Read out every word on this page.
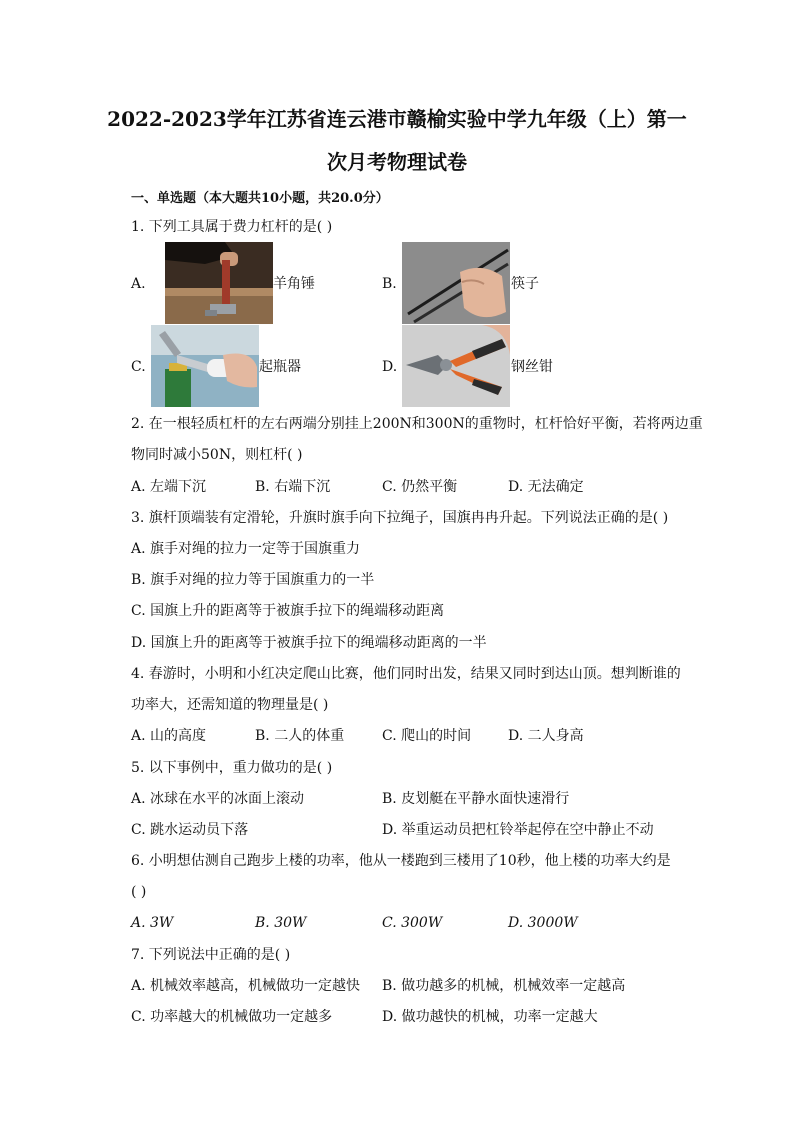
2022-2023学年江苏省连云港市赣榆实验中学九年级（上）第一
次月考物理试卷
一、单选题（本大题共10小题，共20.0分）
1. 下列工具属于费力杠杆的是( )
A.	羊角锤	B.	筷子
C.	起瓶器	D.	钢丝钳
2. 在一根轻质杠杆的左右两端分别挂上200N和300N的重物时，杠杆恰好平衡，若将两边重
物同时减小50N，则杠杆( )
A. 左端下沉	B. 右端下沉	C. 仍然平衡	D. 无法确定
3. 旗杆顶端装有定滑轮，升旗时旗手向下拉绳子，国旗冉冉升起。下列说法正确的是( )
A. 旗手对绳的拉力一定等于国旗重力
B. 旗手对绳的拉力等于国旗重力的一半
C. 国旗上升的距离等于被旗手拉下的绳端移动距离
D. 国旗上升的距离等于被旗手拉下的绳端移动距离的一半
4. 春游时，小明和小红决定爬山比赛，他们同时出发，结果又同时到达山顶。想判断谁的
功率大，还需知道的物理量是( )
A. 山的高度	B. 二人的体重	C. 爬山的时间	D. 二人身高
5. 以下事例中，重力做功的是( )
A. 冰球在水平的冰面上滚动	B. 皮划艇在平静水面快速滑行
C. 跳水运动员下落	D. 举重运动员把杠铃举起停在空中静止不动
6. 小明想估测自己跑步上楼的功率，他从一楼跑到三楼用了10秒，他上楼的功率大约是
( )
A. 3W	B. 30W	C. 300W	D. 3000W
7. 下列说法中正确的是( )
A. 机械效率越高，机械做功一定越快 B. 做功越多的机械，机械效率一定越高
C. 功率越大的机械做功一定越多	D. 做功越快的机械，功率一定越大
